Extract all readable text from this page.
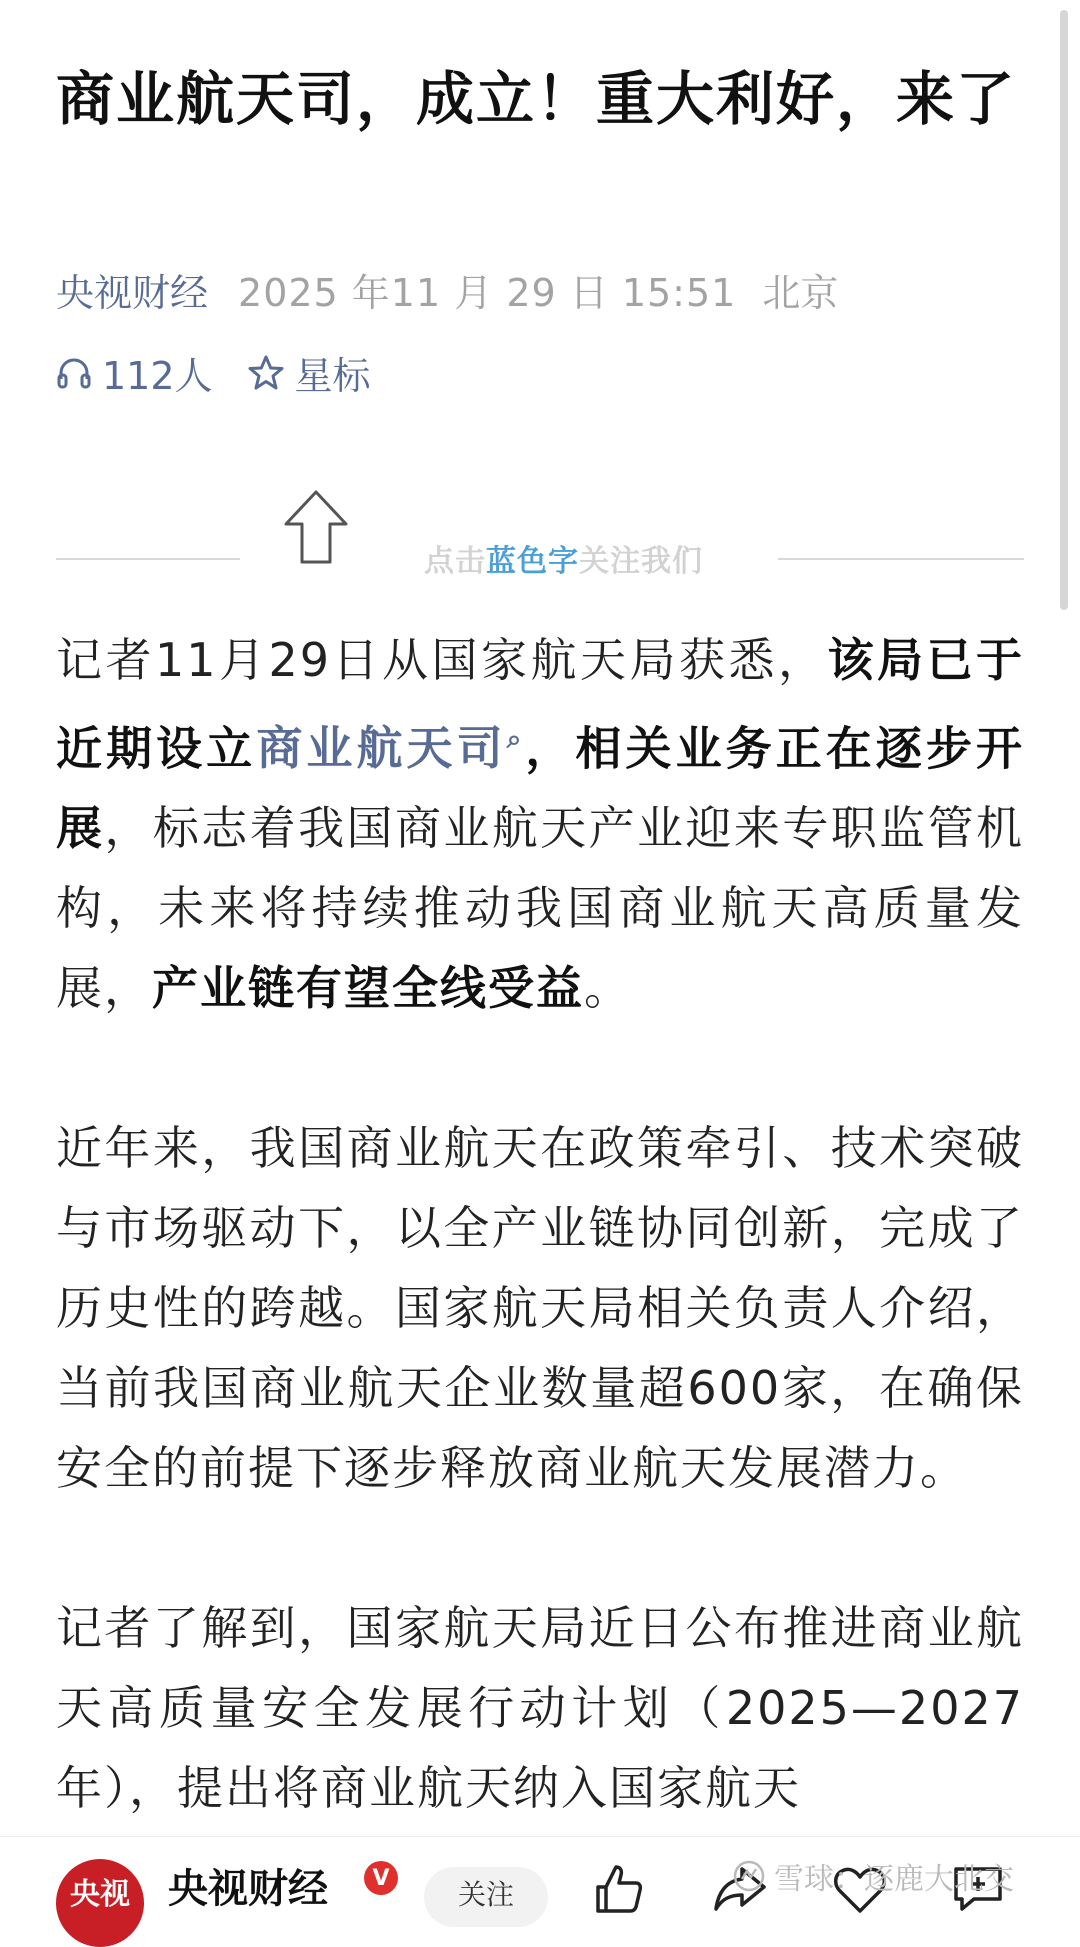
商业航天司，成立！重大利好，来了
央视财经 2025 年11 月 29 日 15:51 北京
112人 星标
点击蓝色字关注我们

记者11月29日从国家航天局获悉，该局已于近期设立商业航天司⌕，相关业务正在逐步开展，标志着我国商业航天产业迎来专职监管机构，未来将持续推动我国商业航天高质量发展，产业链有望全线受益。

近年来，我国商业航天在政策牵引、技术突破与市场驱动下，以全产业链协同创新，完成了历史性的跨越。国家航天局相关负责人介绍，当前我国商业航天企业数量超600家，在确保安全的前提下逐步释放商业航天发展潜力。

记者了解到，国家航天局近日公布推进商业航天高质量安全发展行动计划（2025—2027年），提出将商业航天纳入国家航天

央视 央视财经	V	关注	雪球：逐鹿大北交
